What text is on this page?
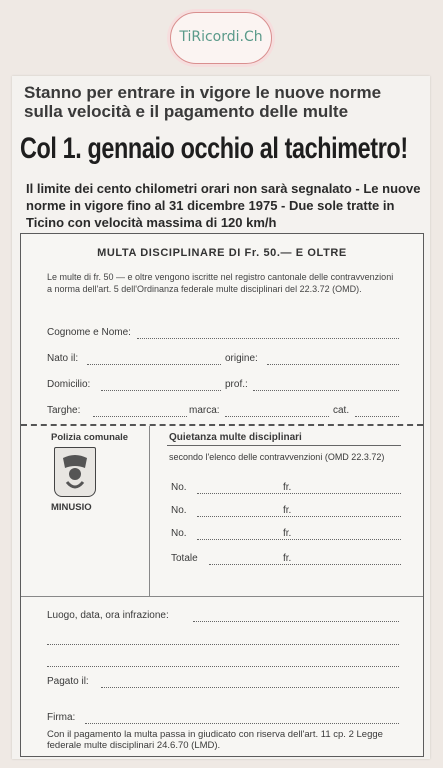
TiRicordi.Ch
Stanno per entrare in vigore le nuove norme sulla velocità e il pagamento delle multe
Col 1. gennaio occhio al tachimetro!
Il limite dei cento chilometri orari non sarà segnalato - Le nuove norme in vigore fino al 31 dicembre 1975 - Due sole tratte in Ticino con velocità massima di 120 km/h
MULTA DISCIPLINARE DI Fr. 50.— E OLTRE
Le multe di fr. 50 — e oltre vengono iscritte nel registro cantonale delle contravvenzioni a norma dell'art. 5 dell'Ordinanza federale multe disciplinari del 22.3.72 (OMD).
Cognome e Nome:
Nato il:	origine:
Domicilio:	prof.:
Targhe:	marca:	cat.
Polizia comunale
MINUSIO
Quietanza multe disciplinari
secondo l'elenco delle contravvenzioni (OMD 22.3.72)
No.	fr.
No.	fr.
No.	fr.
Totale	fr.
Luogo, data, ora infrazione:
Pagato il:
Firma:
Con il pagamento la multa passa in giudicato con riserva dell'art. 11 cp. 2 Legge federale multe disciplinari 24.6.70 (LMD).
